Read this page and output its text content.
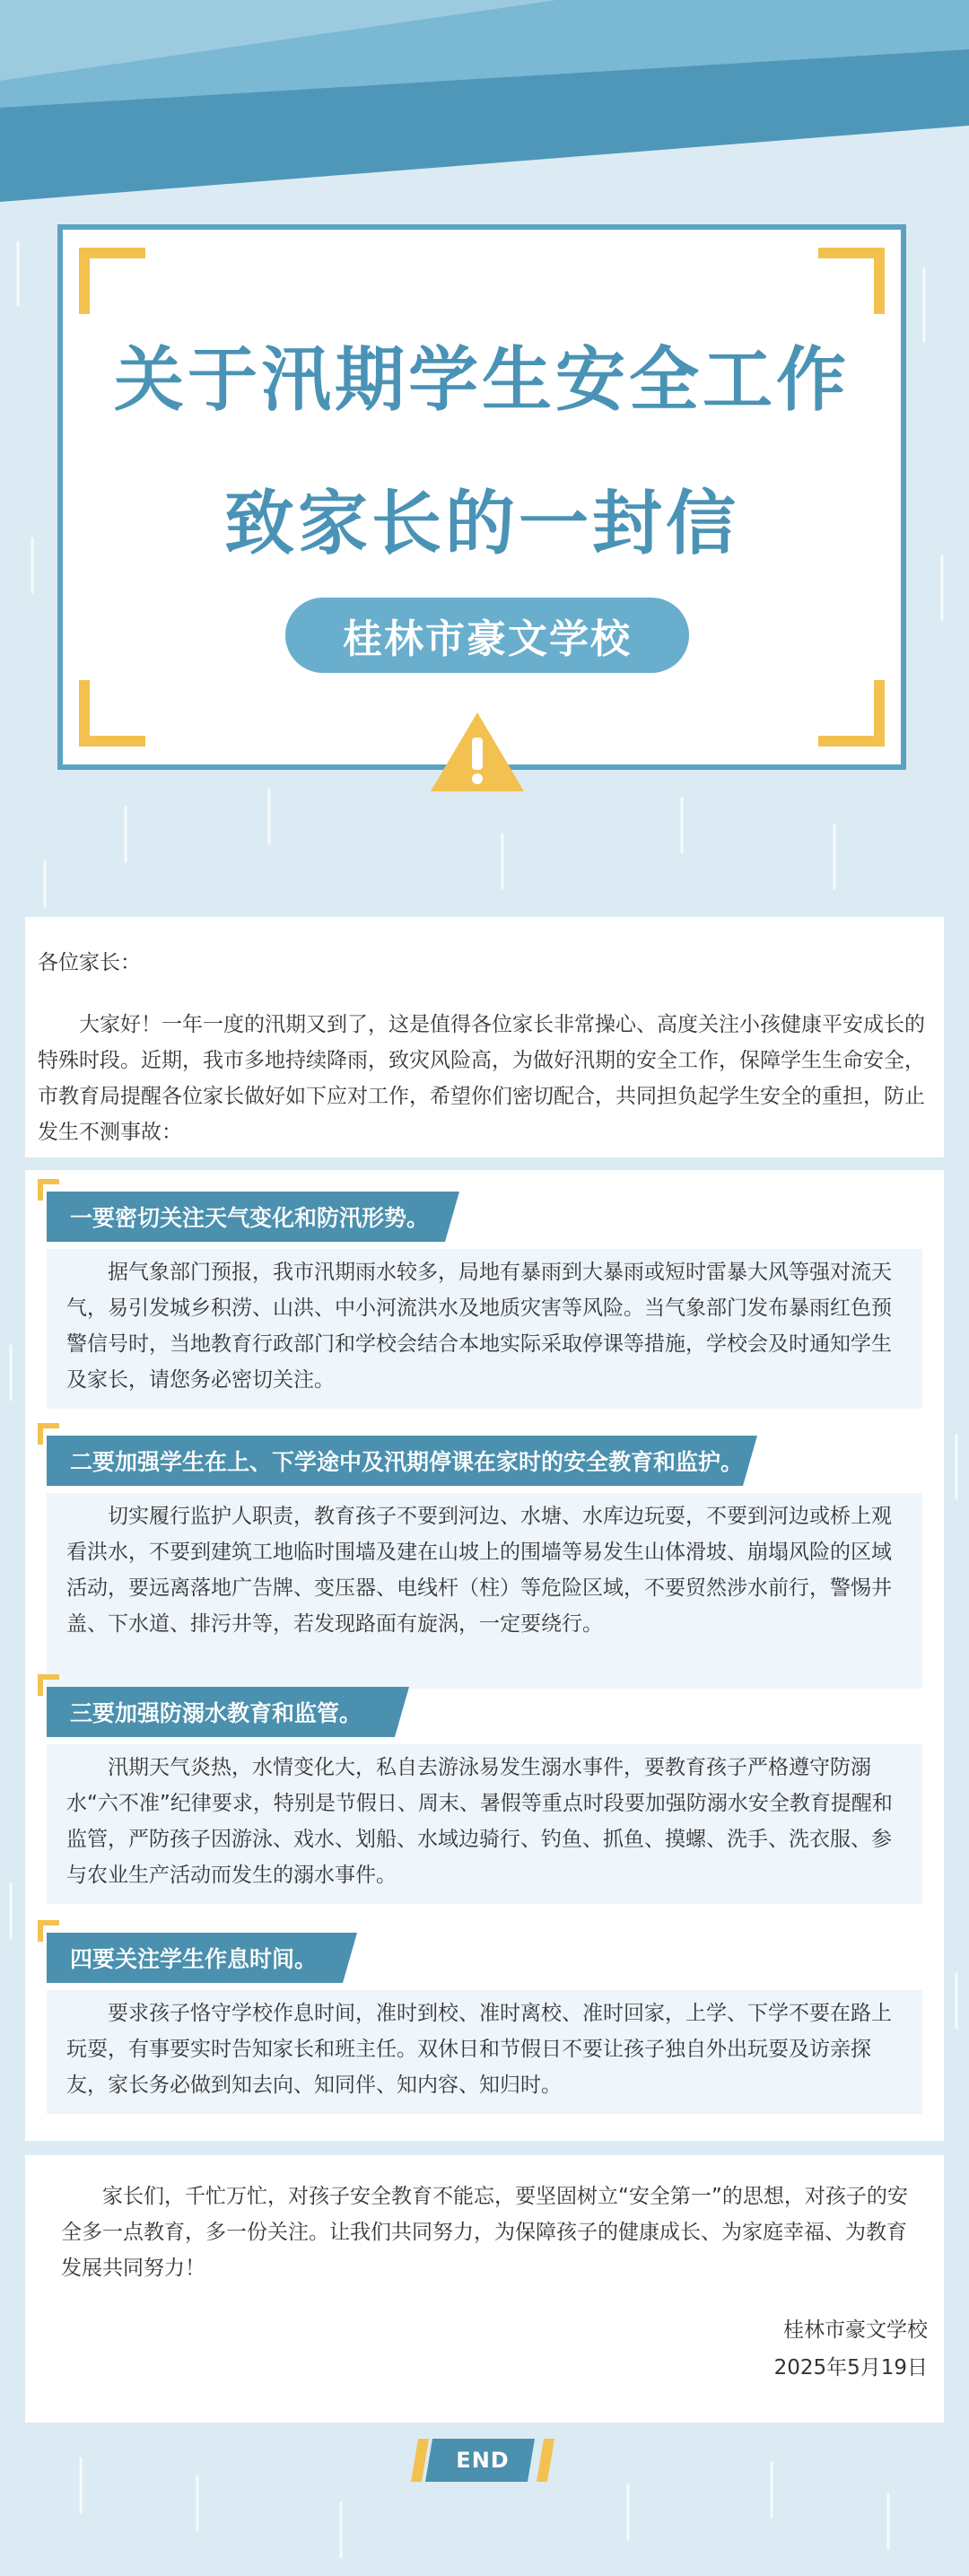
关于汛期学生安全工作
致家长的一封信
桂林市豪文学校
各位家长：

大家好！一年一度的汛期又到了，这是值得各位家长非常操心、高度关注小孩健康平安成长的特殊时段。近期，我市多地持续降雨，致灾风险高，为做好汛期的安全工作，保障学生生命安全，市教育局提醒各位家长做好如下应对工作，希望你们密切配合，共同担负起学生安全的重担，防止发生不测事故：

一要密切关注天气变化和防汛形势。

据气象部门预报，我市汛期雨水较多，局地有暴雨到大暴雨或短时雷暴大风等强对流天气，易引发城乡积涝、山洪、中小河流洪水及地质灾害等风险。当气象部门发布暴雨红色预警信号时，当地教育行政部门和学校会结合本地实际采取停课等措施，学校会及时通知学生及家长，请您务必密切关注。

二要加强学生在上、下学途中及汛期停课在家时的安全教育和监护。

切实履行监护人职责，教育孩子不要到河边、水塘、水库边玩耍，不要到河边或桥上观看洪水，不要到建筑工地临时围墙及建在山坡上的围墙等易发生山体滑坡、崩塌风险的区域活动，要远离落地广告牌、变压器、电线杆（柱）等危险区域，不要贸然涉水前行，警惕井盖、下水道、排污井等，若发现路面有旋涡，一定要绕行。

三要加强防溺水教育和监管。

汛期天气炎热，水情变化大，私自去游泳易发生溺水事件，要教育孩子严格遵守防溺水“六不准”纪律要求，特别是节假日、周末、暑假等重点时段要加强防溺水安全教育提醒和监管，严防孩子因游泳、戏水、划船、水域边骑行、钓鱼、抓鱼、摸螺、洗手、洗衣服、参与农业生产活动而发生的溺水事件。

四要关注学生作息时间。

要求孩子恪守学校作息时间，准时到校、准时离校、准时回家，上学、下学不要在路上玩耍，有事要实时告知家长和班主任。双休日和节假日不要让孩子独自外出玩耍及访亲探友，家长务必做到知去向、知同伴、知内容、知归时。

家长们，千忙万忙，对孩子安全教育不能忘，要坚固树立“安全第一”的思想，对孩子的安全多一点教育，多一份关注。让我们共同努力，为保障孩子的健康成长、为家庭幸福、为教育发展共同努力！

桂林市豪文学校
2025年5月19日
END
